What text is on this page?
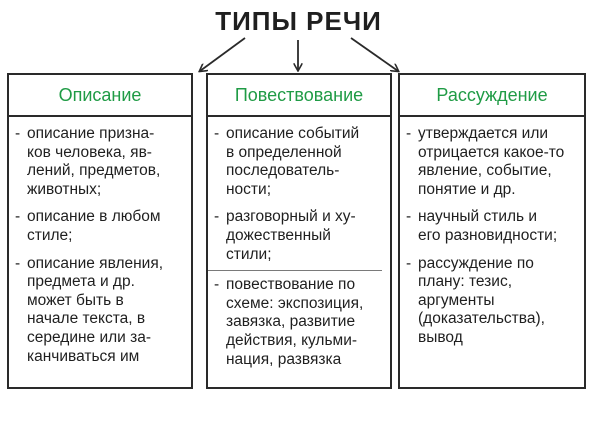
ТИПЫ РЕЧИ
Описание
- описание призна-
ков человека, яв-
лений, предметов,
животных;
- описание в любом
стиле;
- описание явления,
предмета и др.
может быть в
начале текста, в
середине или за-
канчиваться им
Повествование
- описание событий
в определенной
последователь-
ности;
- разговорный и ху-
дожественный
стили;
- повествование по
схеме: экспозиция,
завязка, развитие
действия, кульми-
нация, развязка
Рассуждение
- утверждается или
отрицается какое-то
явление, событие,
понятие и др.
- научный стиль и
его разновидности;
- рассуждение по
плану: тезис,
аргументы
(доказательства),
вывод
